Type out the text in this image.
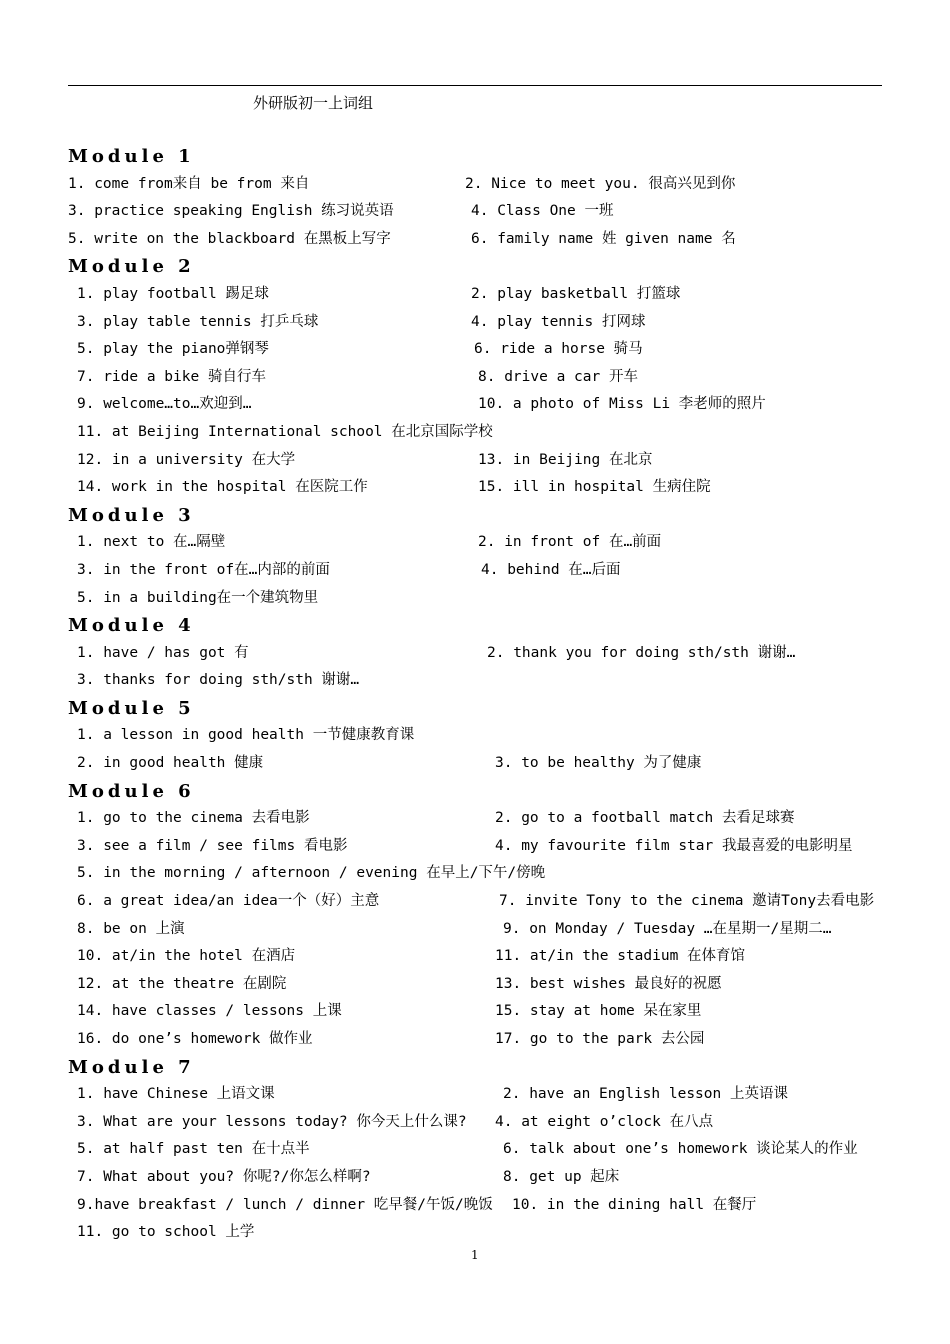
外研版初一上词组
Module 1
1. come from来自 be from 来自	2. Nice to meet you. 很高兴见到你
3. practice speaking English 练习说英语	4. Class One 一班
5. write on the blackboard 在黑板上写字	6. family name 姓 given name 名
Module 2
1. play football 踢足球	2. play basketball 打篮球
3. play table tennis 打乒乓球	4. play tennis 打网球
5. play the piano弹钢琴	6. ride a horse 骑马
7. ride a bike 骑自行车	8. drive a car 开车
9. welcome…to…欢迎到…	10. a photo of Miss Li 李老师的照片
11. at Beijing International school 在北京国际学校
12. in a university 在大学	13. in Beijing 在北京
14. work in the hospital 在医院工作	15. ill in hospital 生病住院
Module 3
1. next to 在…隔壁	2. in front of 在…前面
3. in the front of在…内部的前面	4. behind 在…后面
5. in a building在一个建筑物里
Module 4
1. have / has got 有	2. thank you for doing sth/sth 谢谢…
3. thanks for doing sth/sth 谢谢…
Module 5
1. a lesson in good health 一节健康教育课
2. in good health 健康	3. to be healthy 为了健康
Module 6
1. go to the cinema 去看电影	2. go to a football match 去看足球赛
3. see a film / see films 看电影	4. my favourite film star 我最喜爱的电影明星
5. in the morning / afternoon / evening 在早上/下午/傍晚
6. a great idea/an idea一个（好）主意	7. invite Tony to the cinema 邀请Tony去看电影
8. be on 上演	9. on Monday / Tuesday …在星期一/星期二…
10. at/in the hotel 在酒店	11. at/in the stadium 在体育馆
12. at the theatre 在剧院	13. best wishes 最良好的祝愿
14. have classes / lessons 上课	15. stay at home 呆在家里
16. do one’s homework 做作业	17. go to the park 去公园
Module 7
1. have Chinese 上语文课	2. have an English lesson 上英语课
3. What are your lessons today? 你今天上什么课? 4. at eight o’clock 在八点
5. at half past ten 在十点半	6. talk about one’s homework 谈论某人的作业
7. What about you? 你呢?/你怎么样啊?	8. get up 起床
9.have breakfast / lunch / dinner 吃早餐/午饭/晚饭 10. in the dining hall 在餐厅
11. go to school 上学
1
